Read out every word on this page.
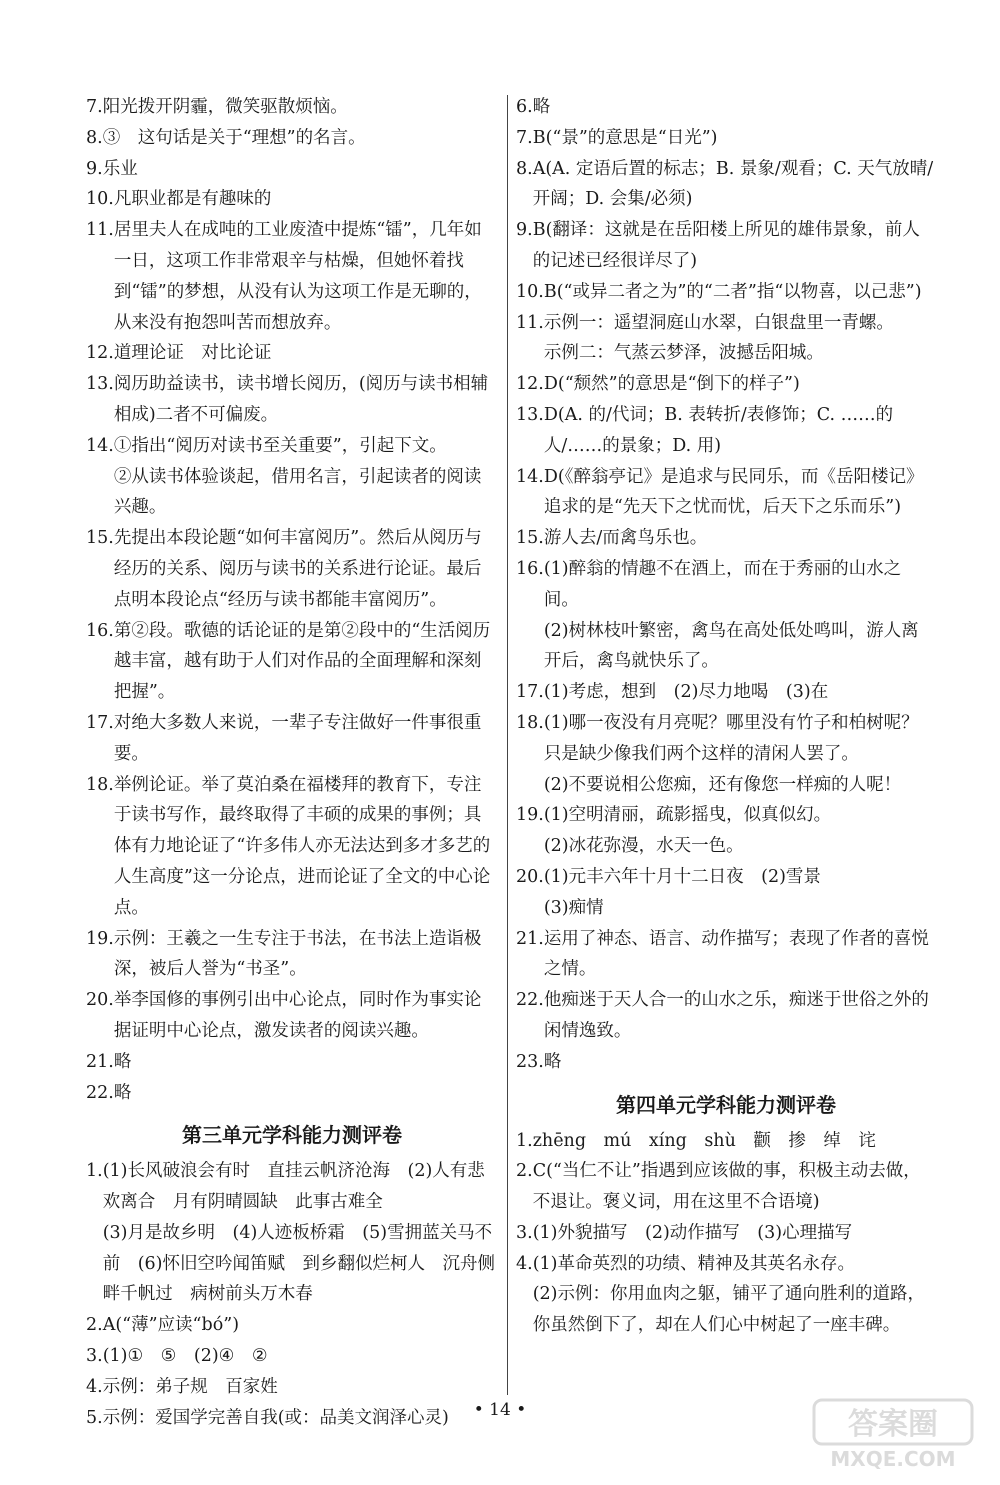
7. 阳光拨开阴霾，微笑驱散烦恼。
8. ③　这句话是关于“理想”的名言。
9. 乐业
10. 凡职业都是有趣味的
11. 居里夫人在成吨的工业废渣中提炼“镭”，几年如一日，这项工作非常艰辛与枯燥，但她怀着找到“镭”的梦想，从没有认为这项工作是无聊的，从来没有抱怨叫苦而想放弃。
12. 道理论证　对比论证
13. 阅历助益读书，读书增长阅历，(阅历与读书相辅相成)二者不可偏废。
14. ①指出“阅历对读书至关重要”，引起下文。
②从读书体验谈起，借用名言，引起读者的阅读兴趣。
15. 先提出本段论题“如何丰富阅历”。然后从阅历与经历的关系、阅历与读书的关系进行论证。最后点明本段论点“经历与读书都能丰富阅历”。
16. 第②段。歌德的话论证的是第②段中的“生活阅历越丰富，越有助于人们对作品的全面理解和深刻把握”。
17. 对绝大多数人来说，一辈子专注做好一件事很重要。
18. 举例论证。举了莫泊桑在福楼拜的教育下，专注于读书写作，最终取得了丰硕的成果的事例；具体有力地论证了“许多伟人亦无法达到多才多艺的人生高度”这一分论点，进而论证了全文的中心论点。
19. 示例：王羲之一生专注于书法，在书法上造诣极深，被后人誉为“书圣”。
20. 举李国修的事例引出中心论点，同时作为事实论据证明中心论点，激发读者的阅读兴趣。
21. 略
22. 略
第三单元学科能力测评卷
1. (1)长风破浪会有时　直挂云帆济沧海　(2)人有悲欢离合　月有阴晴圆缺　此事古难全
(3)月是故乡明　(4)人迹板桥霜　(5)雪拥蓝关马不前　(6)怀旧空吟闻笛赋　到乡翻似烂柯人　沉舟侧畔千帆过　病树前头万木春
2. A(“薄”应读“bó”)
3. (1)①　⑤　(2)④　②
4. 示例：弟子规　百家姓
5. 示例：爱国学完善自我(或：品美文润泽心灵)
6. 略
7. B(“景”的意思是“日光”)
8. A(A. 定语后置的标志；B. 景象/观看；C. 天气放晴/开阔；D. 会集/必须)
9. B(翻译：这就是在岳阳楼上所见的雄伟景象，前人的记述已经很详尽了)
10. B(“或异二者之为”的“二者”指“以物喜，以己悲”)
11. 示例一：遥望洞庭山水翠，白银盘里一青螺。
示例二：气蒸云梦泽，波撼岳阳城。
12. D(“颓然”的意思是“倒下的样子”)
13. D(A. 的/代词；B. 表转折/表修饰；C. ……的人/……的景象；D. 用)
14. D(《醉翁亭记》是追求与民同乐，而《岳阳楼记》追求的是“先天下之忧而忧，后天下之乐而乐”)
15. 游人去/而禽鸟乐也。
16. (1)醉翁的情趣不在酒上，而在于秀丽的山水之间。
(2)树林枝叶繁密，禽鸟在高处低处鸣叫，游人离开后，禽鸟就快乐了。
17. (1)考虑，想到　(2)尽力地喝　(3)在
18. (1)哪一夜没有月亮呢？哪里没有竹子和柏树呢？只是缺少像我们两个这样的清闲人罢了。
(2)不要说相公您痴，还有像您一样痴的人呢！
19. (1)空明清丽，疏影摇曳，似真似幻。
(2)冰花弥漫，水天一色。
20. (1)元丰六年十月十二日夜　(2)雪景
(3)痴情
21. 运用了神态、语言、动作描写；表现了作者的喜悦之情。
22. 他痴迷于天人合一的山水之乐，痴迷于世俗之外的闲情逸致。
23. 略
第四单元学科能力测评卷
1. zhēng　mú　xíng　shù　颧　掺　绰　诧
2. C(“当仁不让”指遇到应该做的事，积极主动去做，不退让。褒义词，用在这里不合语境)
3. (1)外貌描写　(2)动作描写　(3)心理描写
4. (1)革命英烈的功绩、精神及其英名永存。
(2)示例：你用血肉之躯，铺平了通向胜利的道路，你虽然倒下了，却在人们心中树起了一座丰碑。
• 14 •	答案圈
MXQE.COM
